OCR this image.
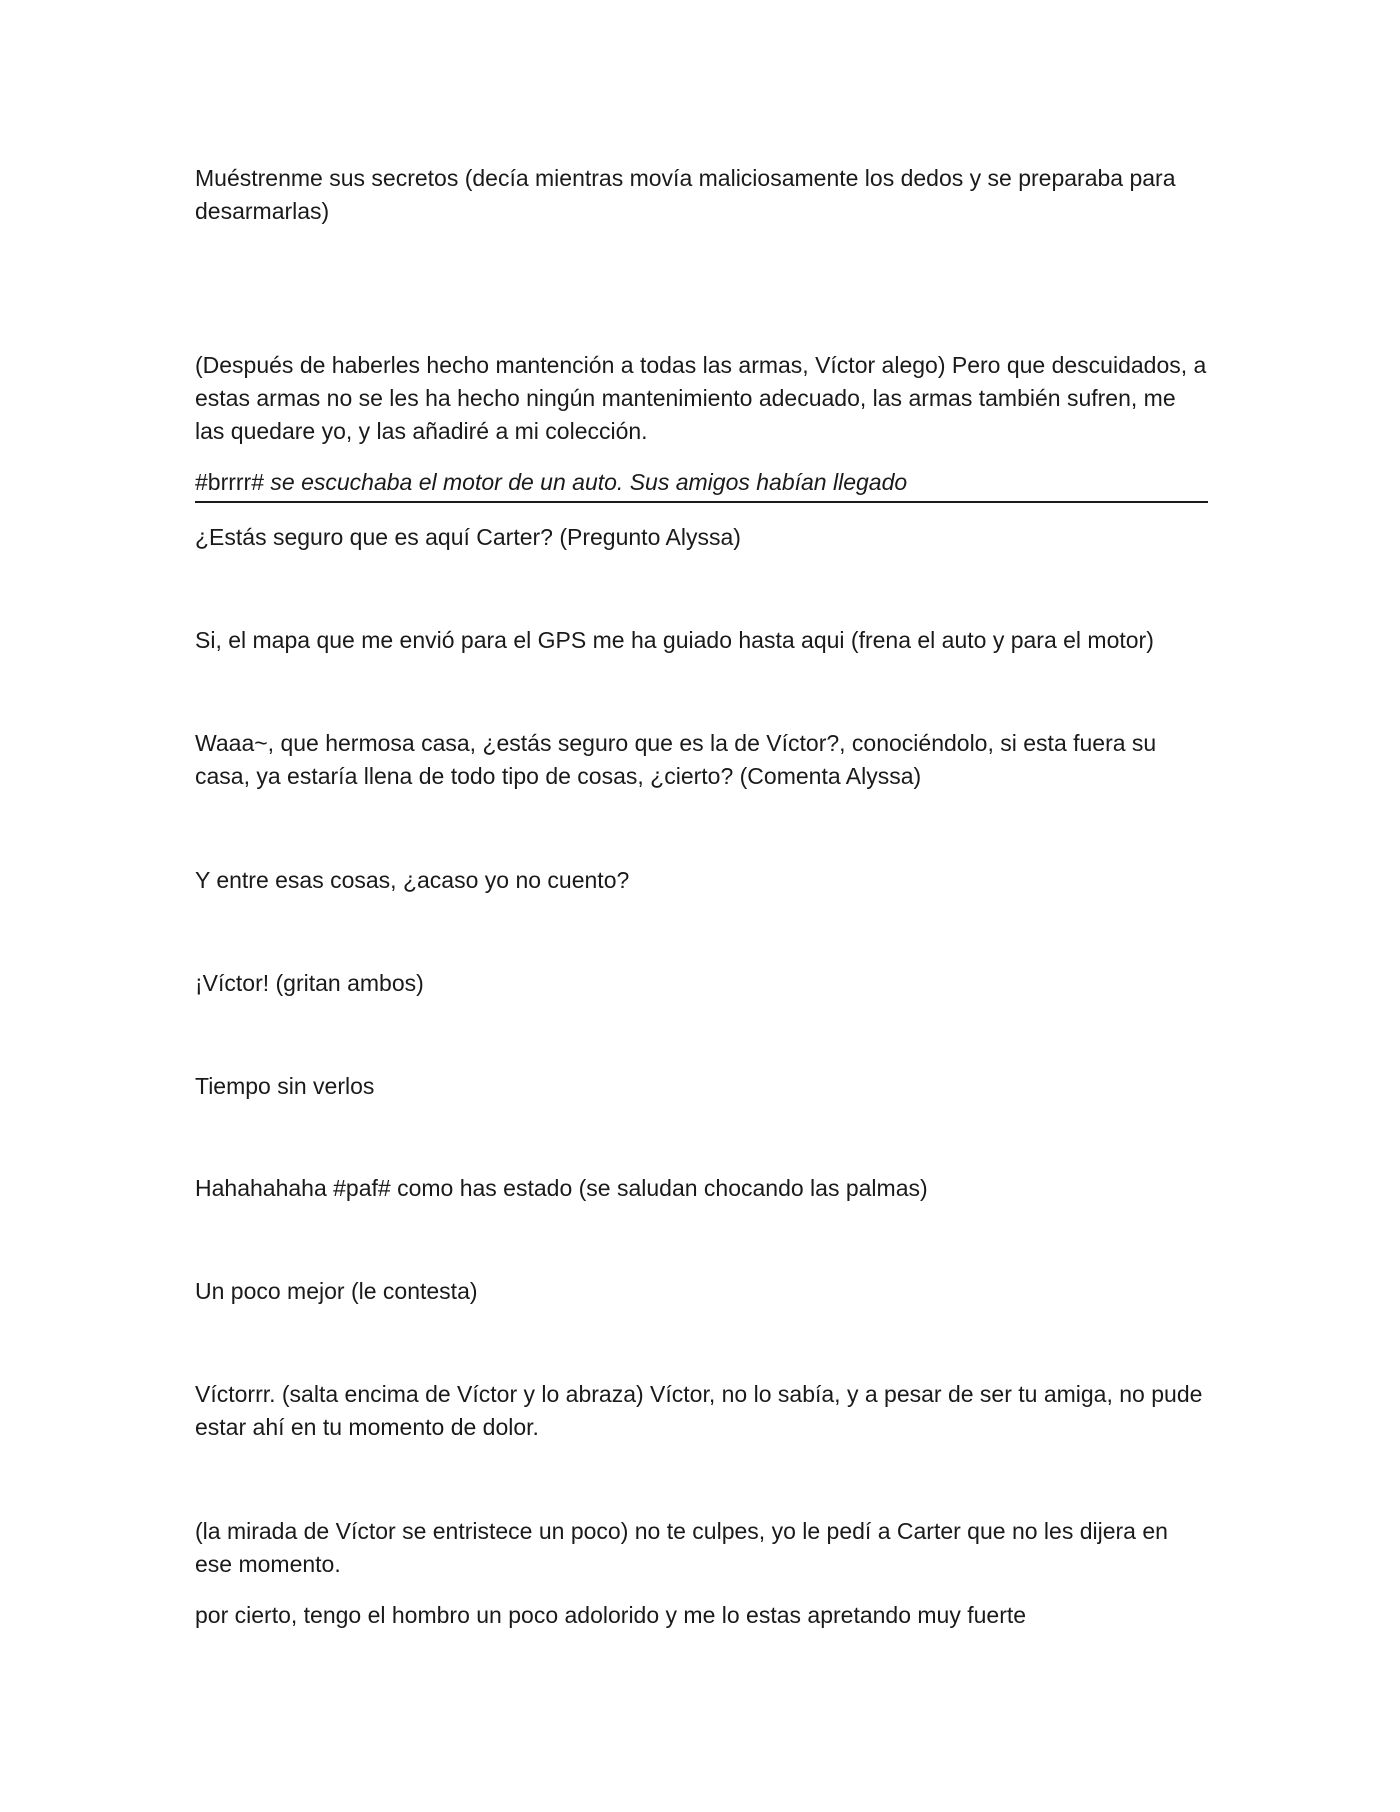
Muéstrenme sus secretos (decía mientras movía maliciosamente los dedos y se preparaba para desarmarlas)

(Después de haberles hecho mantención a todas las armas, Víctor alego) Pero que descuidados, a estas armas no se les ha hecho ningún mantenimiento adecuado, las armas también sufren, me las quedare yo, y las añadiré a mi colección.

#brrrr# se escuchaba el motor de un auto. Sus amigos habían llegado

¿Estás seguro que es aquí Carter? (Pregunto Alyssa)

Si, el mapa que me envió para el GPS me ha guiado hasta aqui (frena el auto y para el motor)

Waaa~, que hermosa casa, ¿estás seguro que es la de Víctor?, conociéndolo, si esta fuera su casa, ya estaría llena de todo tipo de cosas, ¿cierto? (Comenta Alyssa)

Y entre esas cosas, ¿acaso yo no cuento?

¡Víctor! (gritan ambos)

Tiempo sin verlos

Hahahahaha #paf# como has estado (se saludan chocando las palmas)

Un poco mejor (le contesta)

Víctorrr. (salta encima de Víctor y lo abraza) Víctor, no lo sabía, y a pesar de ser tu amiga, no pude estar ahí en tu momento de dolor.

(la mirada de Víctor se entristece un poco) no te culpes, yo le pedí a Carter que no les dijera en ese momento.

por cierto, tengo el hombro un poco adolorido y me lo estas apretando muy fuerte
